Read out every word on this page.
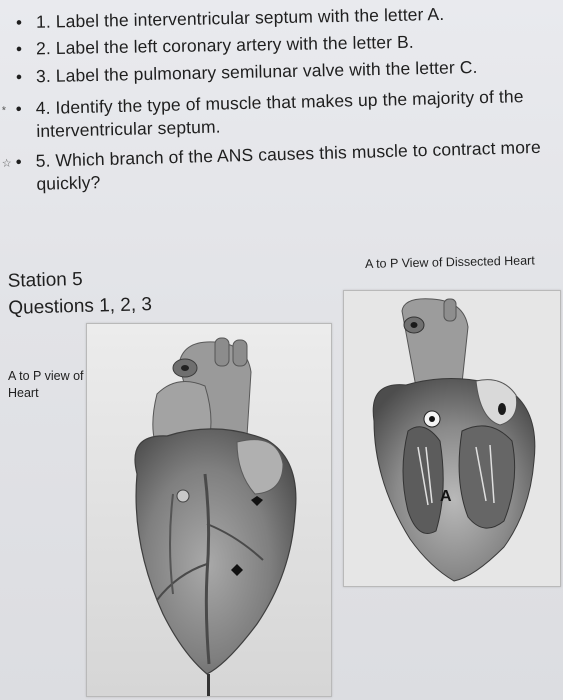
• 1. Label the interventricular septum with the letter A.
• 2. Label the left coronary artery with the letter B.
• 3. Label the pulmonary semilunar valve with the letter C.
* • 4. Identify the type of muscle that makes up the majority of the interventricular septum.
☆ • 5. Which branch of the ANS causes this muscle to contract more quickly?
Station 5
Questions 1, 2, 3
A to P view of Heart
A to P View of Dissected Heart
A
